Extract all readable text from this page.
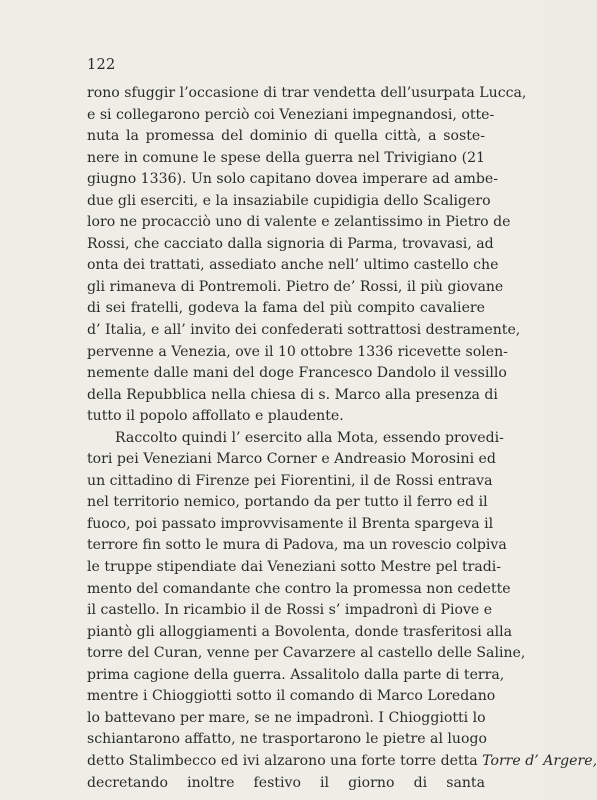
122
rono sfuggir l’occasione di trar vendetta dell’usurpata Lucca,
e si collegarono perciò coi Veneziani impegnandosi, otte-
nuta la promessa del dominio di quella città, a soste-
nere in comune le spese della guerra nel Trivigiano (21
giugno 1336). Un solo capitano dovea imperare ad ambe-
due gli eserciti, e la insaziabile cupidigia dello Scaligero
loro ne procacciò uno di valente e zelantissimo in Pietro de
Rossi, che cacciato dalla signoria di Parma, trovavasi, ad
onta dei trattati, assediato anche nell’ ultimo castello che
gli rimaneva di Pontremoli. Pietro de’ Rossi, il più giovane
di sei fratelli, godeva la fama del più compito cavaliere
d’ Italia, e all’ invito dei confederati sottrattosi destramente,
pervenne a Venezia, ove il 10 ottobre 1336 ricevette solen-
nemente dalle mani del doge Francesco Dandolo il vessillo
della Repubblica nella chiesa di s. Marco alla presenza di
tutto il popolo affollato e plaudente.
Raccolto quindi l’ esercito alla Mota, essendo provedi-
tori pei Veneziani Marco Corner e Andreasio Morosini ed
un cittadino di Firenze pei Fiorentini, il de Rossi entrava
nel territorio nemico, portando da per tutto il ferro ed il
fuoco, poi passato improvvisamente il Brenta spargeva il
terrore fin sotto le mura di Padova, ma un rovescio colpiva
le truppe stipendiate dai Veneziani sotto Mestre pel tradi-
mento del comandante che contro la promessa non cedette
il castello. In ricambio il de Rossi s’ impadronì di Piove e
piantò gli alloggiamenti a Bovolenta, donde trasferitosi alla
torre del Curan, venne per Cavarzere al castello delle Saline,
prima cagione della guerra. Assalitolo dalla parte di terra,
mentre i Chioggiotti sotto il comando di Marco Loredano
lo battevano per mare, se ne impadronì. I Chioggiotti lo
schiantarono affatto, ne trasportarono le pietre al luogo
detto Stalimbecco ed ivi alzarono una forte torre detta Torre d’ Argere,
decretando inoltre festivo il giorno di santa
